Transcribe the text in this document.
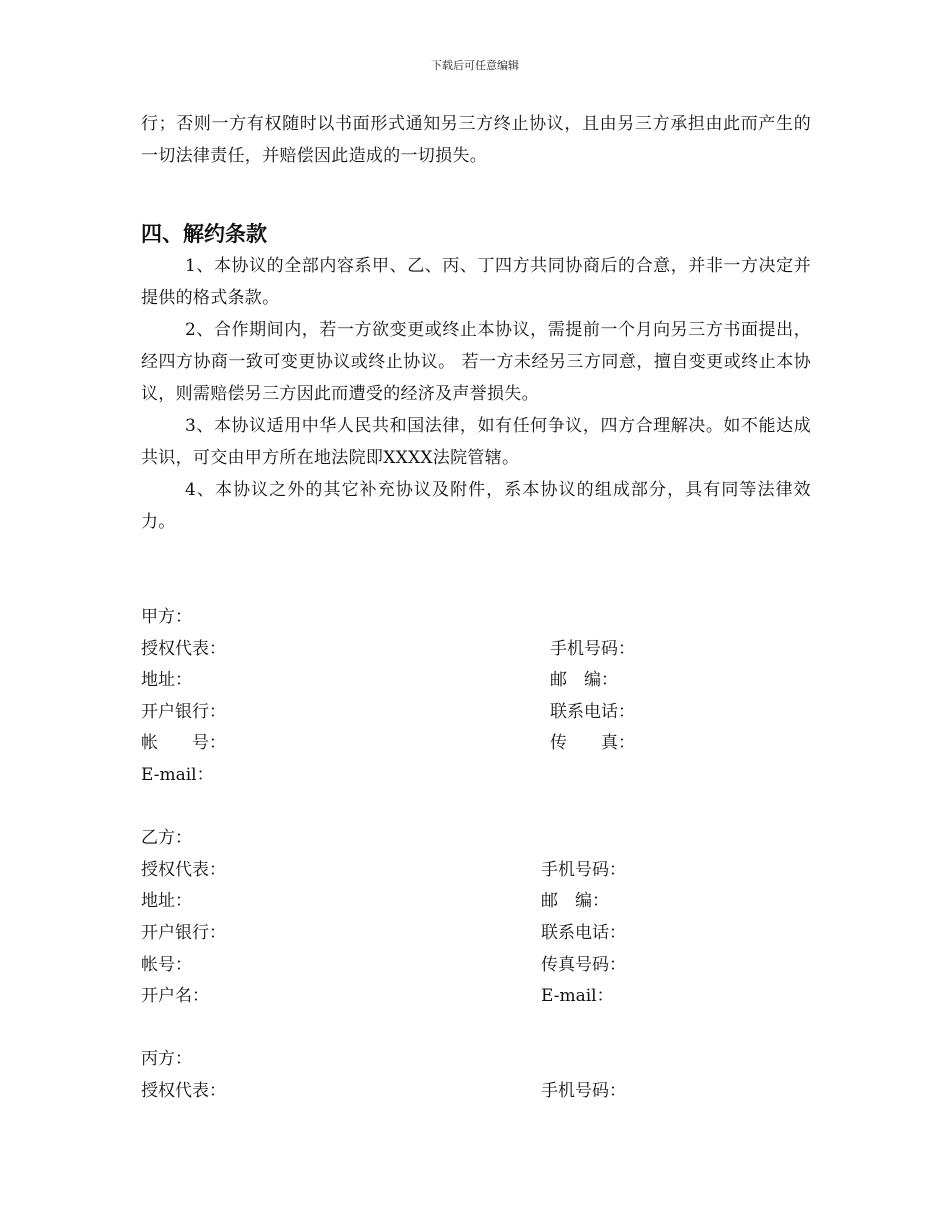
下载后可任意编辑

行；否则一方有权随时以书面形式通知另三方终止协议，且由另三方承担由此而产生的一切法律责任，并赔偿因此造成的一切损失。

四、解约条款

1、本协议的全部内容系甲、乙、丙、丁四方共同协商后的合意，并非一方决定并提供的格式条款。

2、合作期间内，若一方欲变更或终止本协议，需提前一个月向另三方书面提出，经四方协商一致可变更协议或终止协议。 若一方未经另三方同意，擅自变更或终止本协议，则需赔偿另三方因此而遭受的经济及声誉损失。

3、本协议适用中华人民共和国法律，如有任何争议，四方合理解决。如不能达成共识，可交由甲方所在地法院即XXXX法院管辖。

4、本协议之外的其它补充协议及附件，系本协议的组成部分，具有同等法律效力。

甲方：
授权代表：	手机号码：
地址：	邮　编：
开户银行：	联系电话：
帐　　号：	传　　真：
E-mail：
乙方：
授权代表：	手机号码：
地址：	邮　编：
开户银行：	联系电话：
帐号：	传真号码：
开户名：	E-mail：
丙方：
授权代表：	手机号码：
